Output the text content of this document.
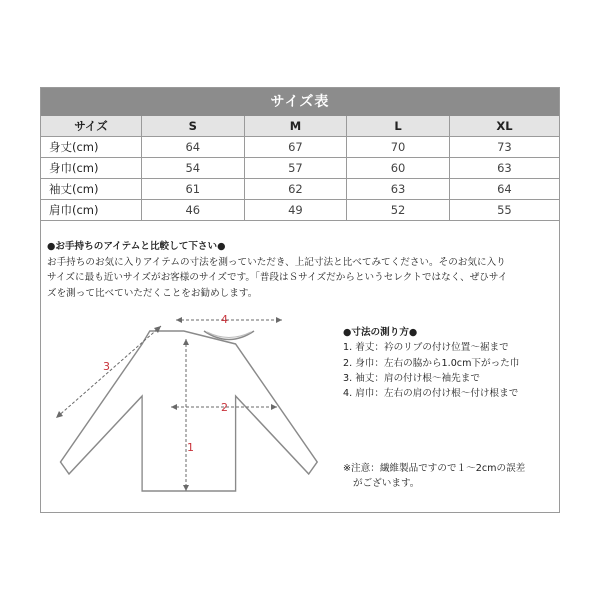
サイズ表
サイズ	S	M	L	XL
身丈(cm)	64	67	70	73
身巾(cm)	54	57	60	63
袖丈(cm)	61	62	63	64
肩巾(cm)	46	49	52	55
●お手持ちのアイテムと比較して下さい●
お手持ちのお気に入りアイテムの寸法を測っていただき、上記寸法と比べてみてください。そのお気に入り
サイズに最も近いサイズがお客様のサイズです。「普段はＳサイズだからというセレクトではなく、ぜひサイ
ズを測って比べていただくことをお勧めします。
4
3
2
1
●寸法の測り方●
1. 着丈：衿のリブの付け位置〜裾まで
2. 身巾：左右の脇から1.0cm下がった巾
3. 袖丈：肩の付け根〜袖先まで
4. 肩巾：左右の肩の付け根〜付け根まで
※注意：繊維製品ですので１〜2cmの誤差
がございます。
